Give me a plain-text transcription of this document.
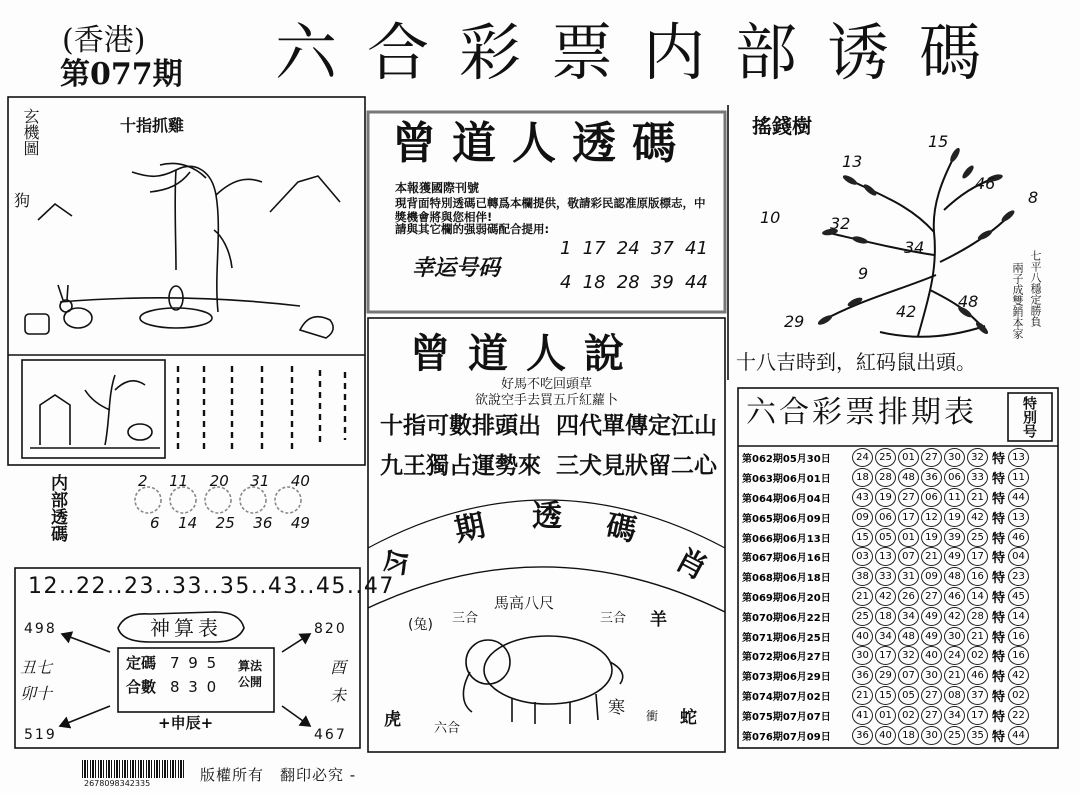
(香港)
第077期 六合彩票内部诱碼
玄機圖
狗
十指抓雞
内部透碼	2 11 20 31 40
6 14 25 36 49
12..22..23..33..35..43..45..47
神算表
498	820
519	467
定碼 7 9 5
合數 8 3 0
算法
公開
+申辰+
丑七
卯十
酉
未
曾道人透碼
本報獲國際刊號
現背面特別透碼已轉爲本欄提供，敬請彩民認准原版標志，中獎機會將與您相伴!
請與其它欄的强弱碼配合提用:
幸运号码
1 17 24 37 41
4 18 28 39 44
曾道人說
好馬不吃回頭草
欲說空手去買五斤紅蘿卜
十指可數排頭出 四代單傳定江山
九王獨占運勢來 三犬見狀留二心
今
期 透 碼
肖
(兔) 三合
馬高八尺
三合 羊
虎	六合
寒 衝 蛇
搖錢樹
15
13
46
8
10	32
34
9
29
42
48	七平八穩定勝負
兩子成雙銷本家
十八吉時到，紅码鼠出頭。
六合彩票排期表	特別号
第062期05月30日	24	25	01	27	30	32 特 13
第063期06月01日	18	28	48	36	06	33 特 11
第064期06月04日	43	19	27	06	11	21 特 44
第065期06月09日	09	06	17	12	19	42 特 13
第066期06月13日	15	05	01	19	39	25 特 46
第067期06月16日	03	13	07	21	49	17 特 04
第068期06月18日	38	33	31	09	48	16 特 23
第069期06月20日	21	42	26	27	46	14 特 45
第070期06月22日	25	18	34	49	42	28 特 14
第071期06月25日	40	34	48	49	30	21 特 16
第072期06月27日	30	17	32	40	24	02 特 16
第073期06月29日	36	29	07	30	21	46 特 42
第074期07月02日	21	15	05	27	08	37 特 02
第075期07月07日	41	01	02	27	34	17 特 22
第076期07月09日	36	40	18	30	25	35 特 44
2678098342335	版權所有　翻印必究 -
